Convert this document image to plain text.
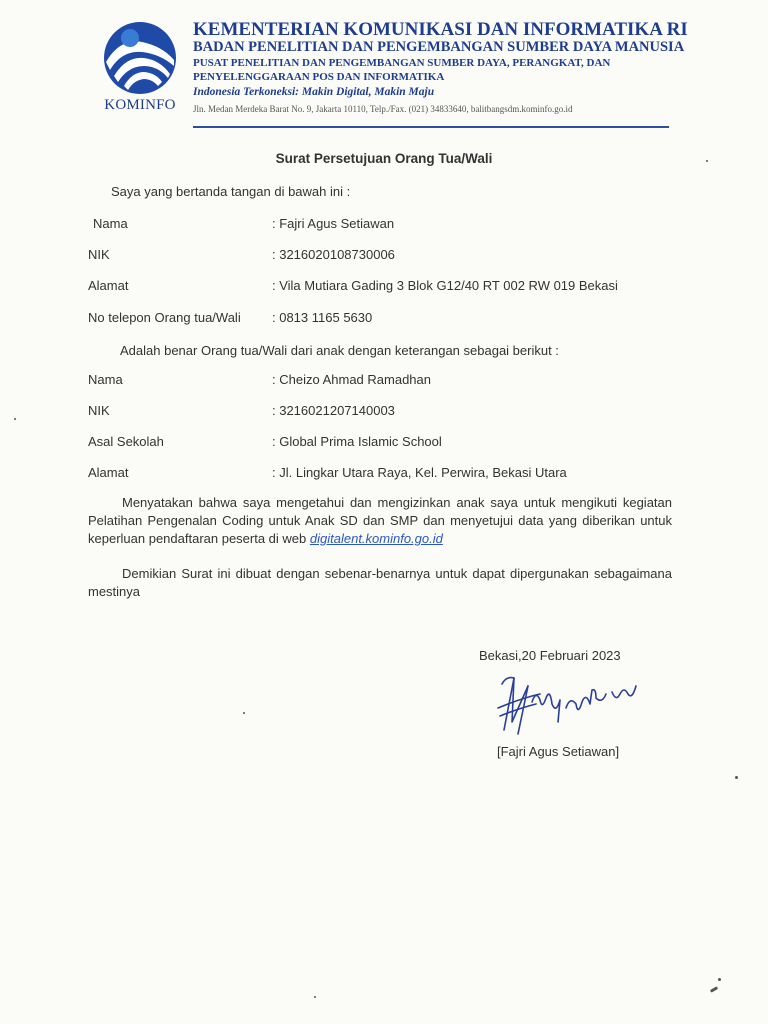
KOMINFO
KEMENTERIAN KOMUNIKASI DAN INFORMATIKA RI
BADAN PENELITIAN DAN PENGEMBANGAN SUMBER DAYA MANUSIA
PUSAT PENELITIAN DAN PENGEMBANGAN SUMBER DAYA, PERANGKAT, DAN
PENYELENGGARAAN POS DAN INFORMATIKA
Indonesia Terkoneksi: Makin Digital, Makin Maju
Jln. Medan Merdeka Barat No. 9, Jakarta 10110, Telp./Fax. (021) 34833640, balitbangsdm.kominfo.go.id
Surat Persetujuan Orang Tua/Wali
Saya yang bertanda tangan di bawah ini :
Nama	: Fajri Agus Setiawan
NIK	: 3216020108730006
Alamat	: Vila Mutiara Gading 3 Blok G12/40 RT 002 RW 019 Bekasi
No telepon Orang tua/Wali : 0813 1165 5630
Adalah benar Orang tua/Wali dari anak dengan keterangan sebagai berikut :
Nama	: Cheizo Ahmad Ramadhan
NIK	: 3216021207140003
Asal Sekolah	: Global Prima Islamic School
Alamat	: Jl. Lingkar Utara Raya, Kel. Perwira, Bekasi Utara
Menyatakan bahwa saya mengetahui dan mengizinkan anak saya untuk mengikuti kegiatan Pelatihan Pengenalan Coding untuk Anak SD dan SMP dan menyetujui data yang diberikan untuk keperluan pendaftaran peserta di web digitalent.kominfo.go.id
Demikian Surat ini dibuat dengan sebenar-benarnya untuk dapat dipergunakan sebagaimana mestinya
Bekasi,20 Februari 2023
[Fajri Agus Setiawan]
